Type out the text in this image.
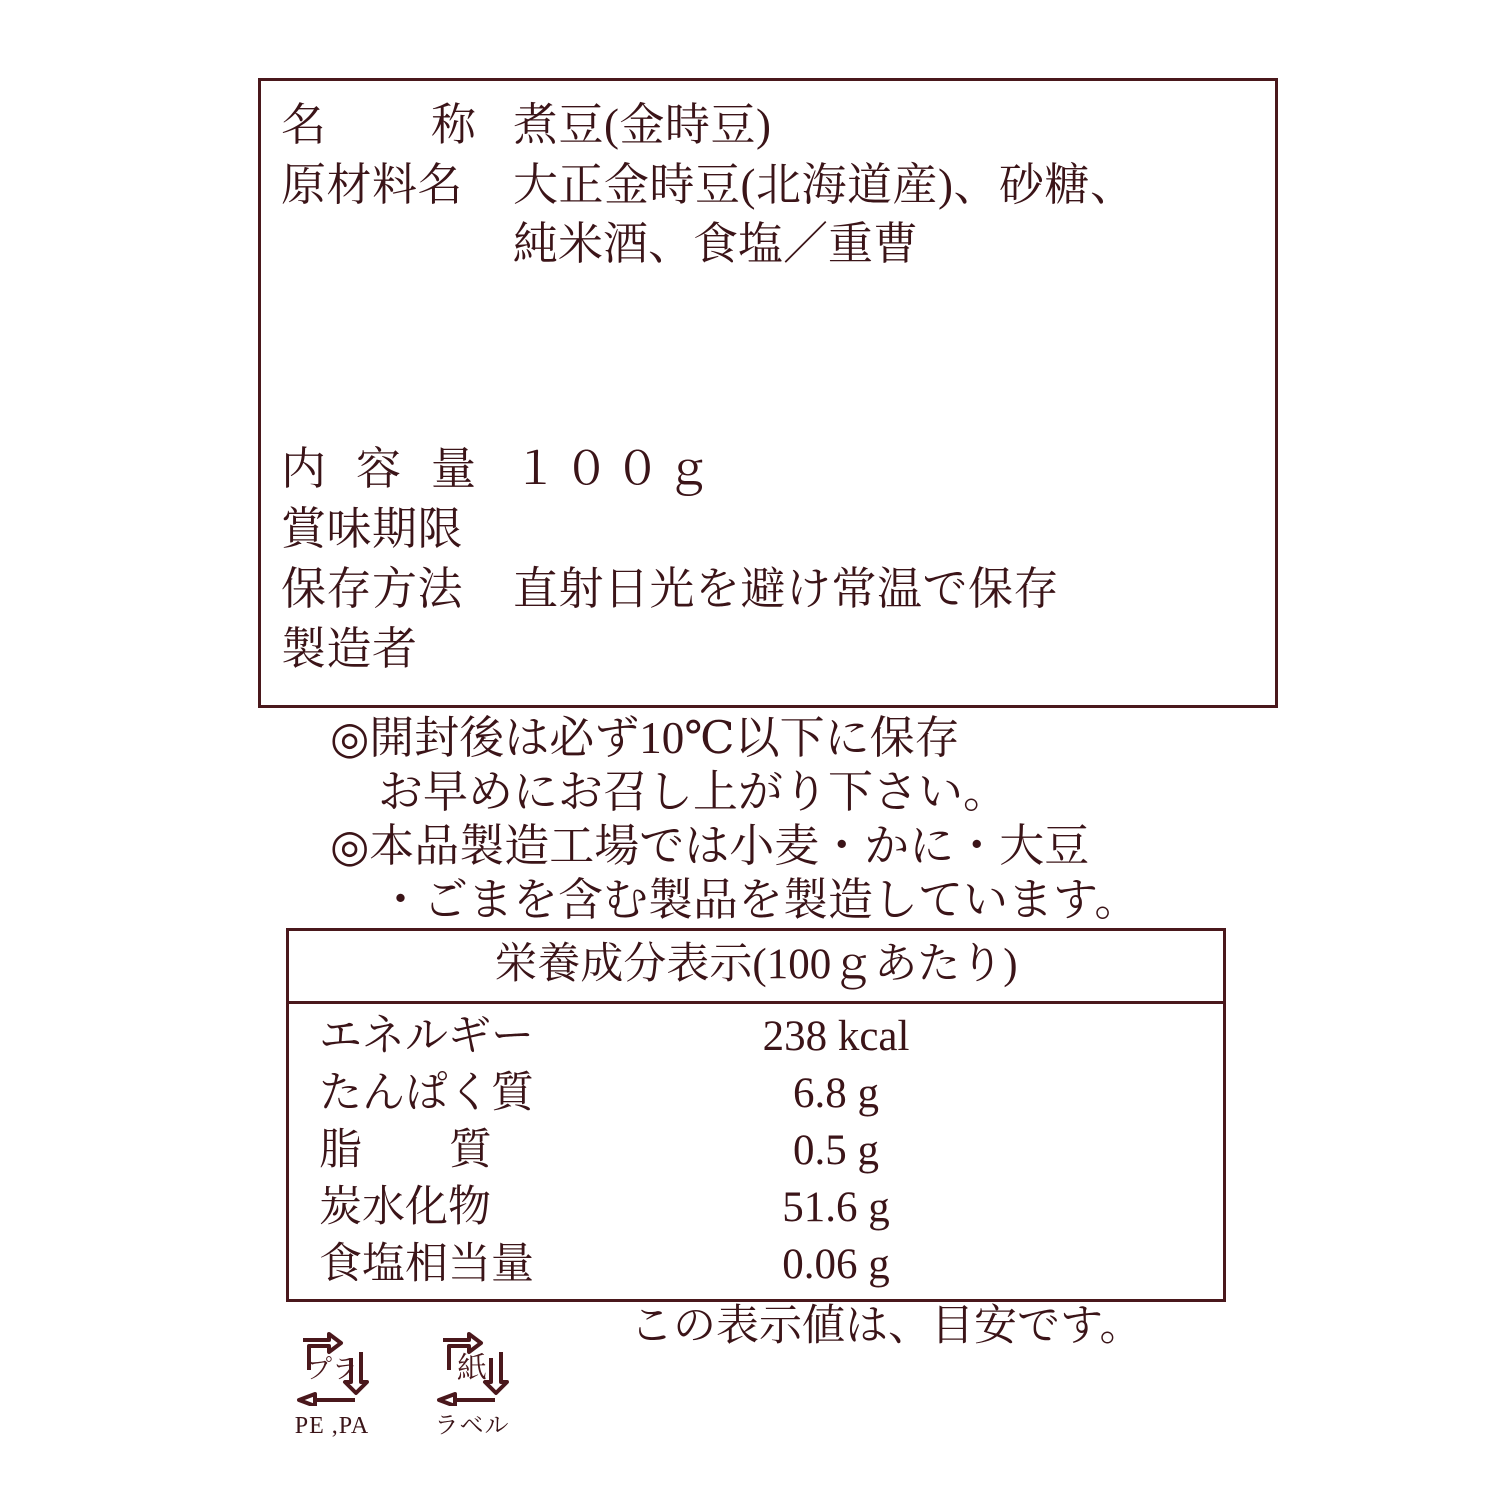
名　称 煮豆(金時豆)
原材料名	大正金時豆(北海道産)、砂糖、
純米酒、食塩／重曹
内容量 １００ｇ
賞味期限
保存方法	直射日光を避け常温で保存
製造者
◎開封後は必ず10℃以下に保存
お早めにお召し上がり下さい。
◎本品製造工場では小麦・かに・大豆
・ごまを含む製品を製造しています。
栄養成分表示(100ｇあたり)
エネルギー	238 kcal
たんぱく質	6.8 g
脂　質	0.5 g
炭水化物	51.6 g
食塩相当量	0.06 g
この表示値は、目安です。
プラ
PE ,PA
紙
ラベル
